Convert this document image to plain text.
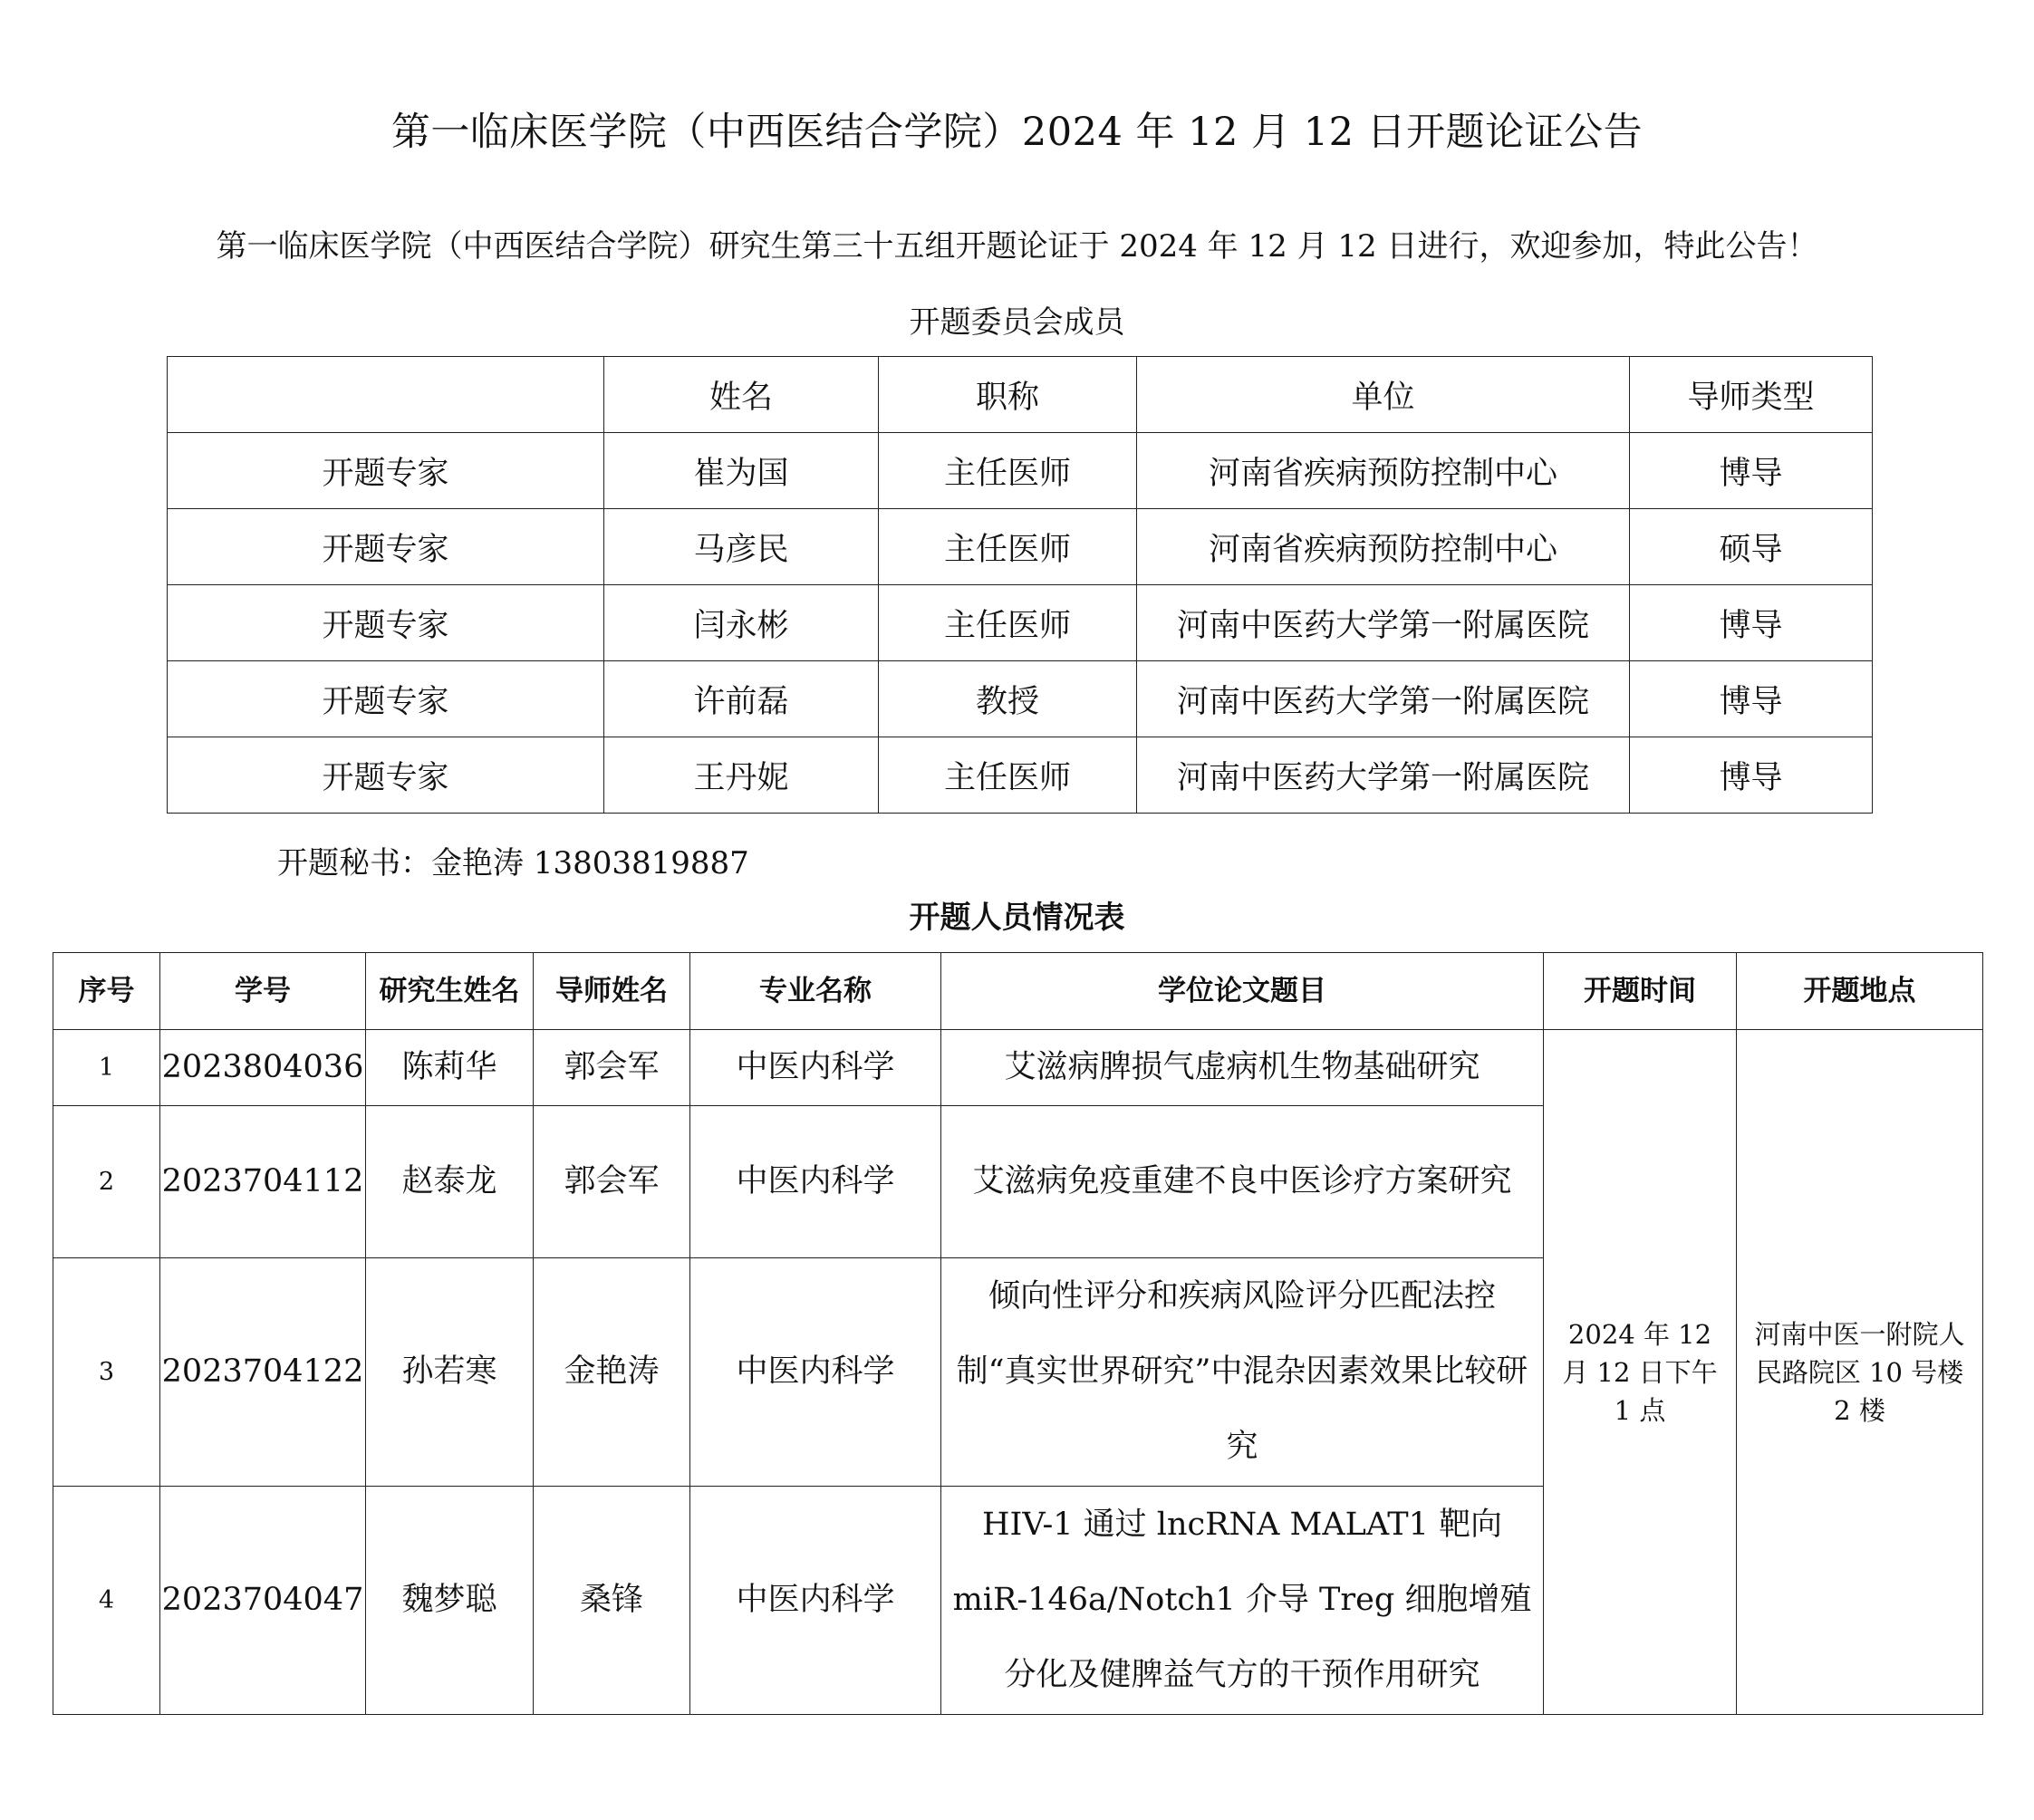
第一临床医学院（中西医结合学院）2024 年 12 月 12 日开题论证公告
第一临床医学院（中西医结合学院）研究生第三十五组开题论证于 2024 年 12 月 12 日进行，欢迎参加，特此公告！
开题委员会成员
	姓名	职称	单位	导师类型
开题专家	崔为国	主任医师	河南省疾病预防控制中心	博导
开题专家	马彦民	主任医师	河南省疾病预防控制中心	硕导
开题专家	闫永彬	主任医师	河南中医药大学第一附属医院	博导
开题专家	许前磊	教授	河南中医药大学第一附属医院	博导
开题专家	王丹妮	主任医师	河南中医药大学第一附属医院	博导
开题秘书：金艳涛 13803819887
开题人员情况表
序号	学号	研究生姓名	导师姓名	专业名称	学位论文题目	开题时间	开题地点
1	2023804036	陈莉华	郭会军	中医内科学	艾滋病脾损气虚病机生物基础研究	2024 年 12 月 12 日下午 1 点	河南中医一附院人民路院区 10 号楼 2 楼
2	2023704112	赵泰龙	郭会军	中医内科学	艾滋病免疫重建不良中医诊疗方案研究		
3	2023704122	孙若寒	金艳涛	中医内科学	倾向性评分和疾病风险评分匹配法控制“真实世界研究”中混杂因素效果比较研究		
4	2023704047	魏梦聪	桑锋	中医内科学	HIV-1 通过 lncRNA MALAT1 靶向 miR-146a/Notch1 介导 Treg 细胞增殖分化及健脾益气方的干预作用研究		
